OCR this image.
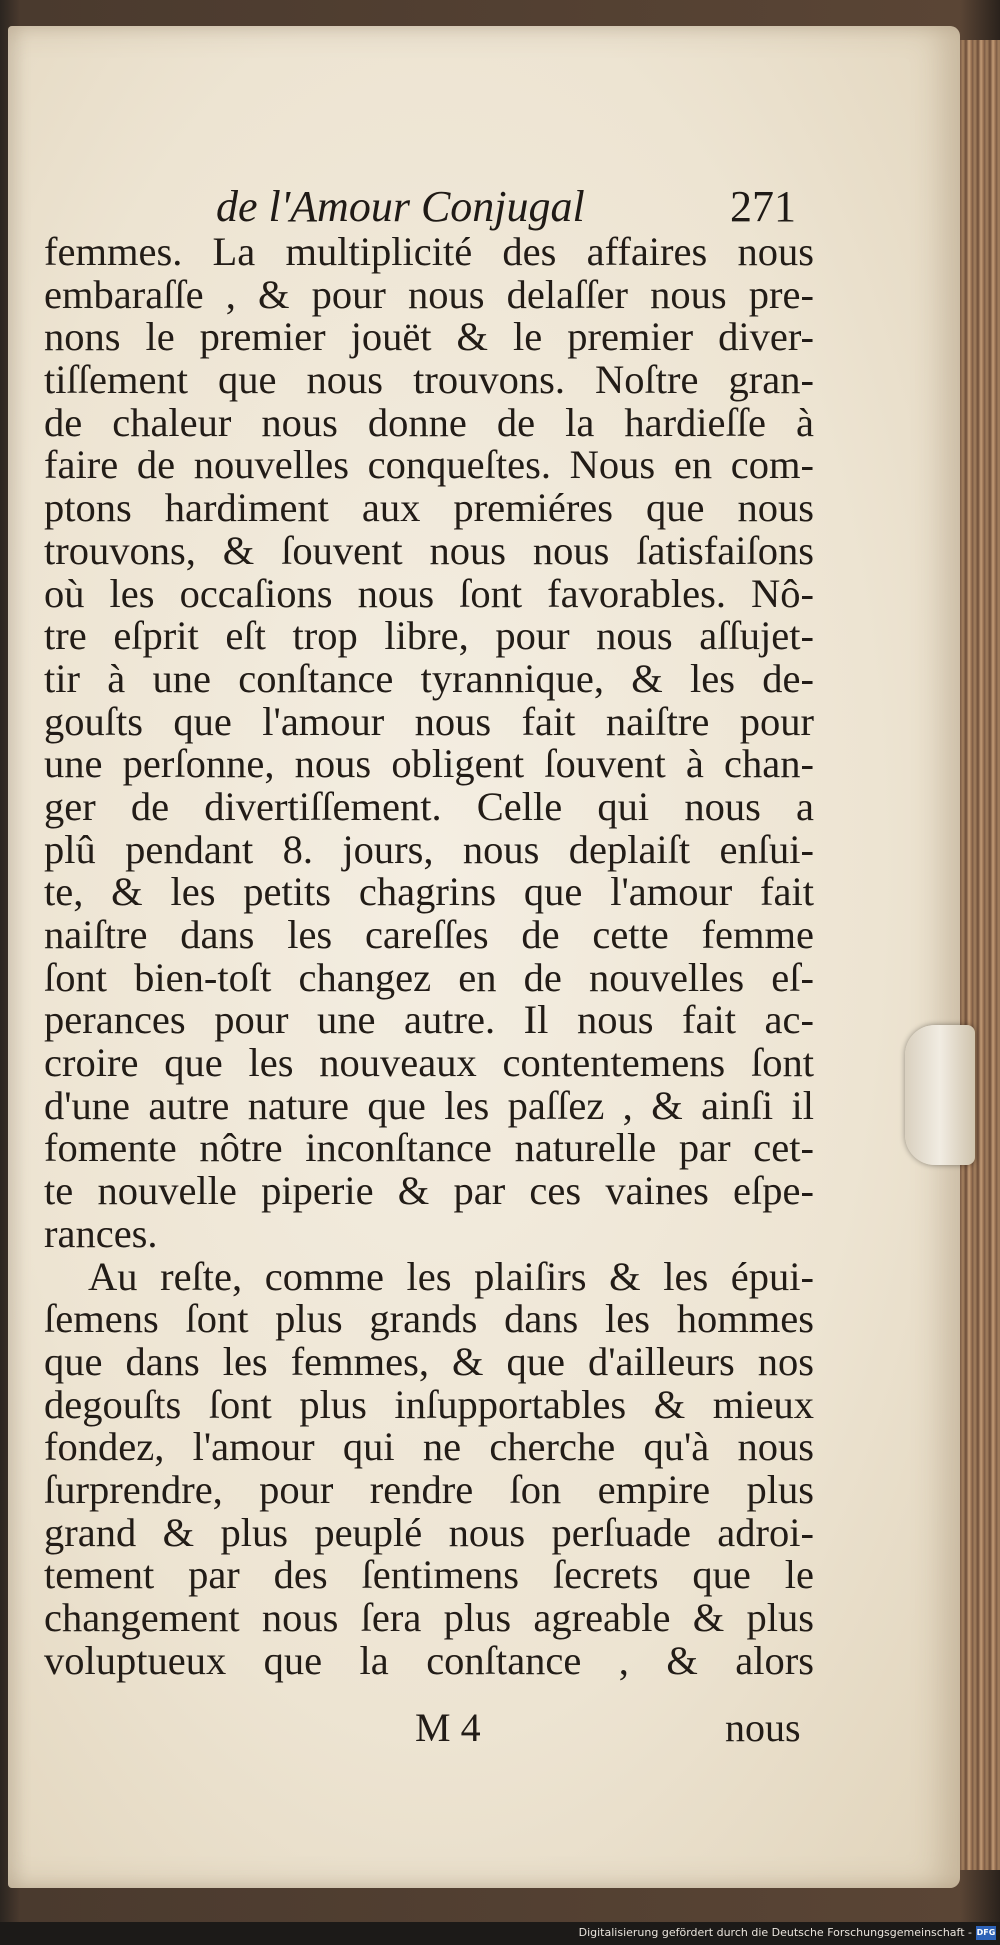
de l'Amour Conjugal	271
femmes. La multiplicité des affaires nous
embaraſſe , & pour nous delaſſer nous pre-
nons le premier jouët & le premier diver-
tiſſement que nous trouvons. Noſtre gran-
de chaleur nous donne de la hardieſſe à
faire de nouvelles conqueſtes. Nous en com-
ptons hardiment aux premiéres que nous
trouvons, & ſouvent nous nous ſatisfaiſons
où les occaſions nous ſont favorables. Nô-
tre eſprit eſt trop libre, pour nous aſſujet-
tir à une conſtance tyrannique, & les de-
gouſts que l'amour nous fait naiſtre pour
une perſonne, nous obligent ſouvent à chan-
ger de divertiſſement. Celle qui nous a
plû pendant 8. jours, nous deplaiſt enſui-
te, & les petits chagrins que l'amour fait
naiſtre dans les careſſes de cette femme
ſont bien-toſt changez en de nouvelles eſ-
perances pour une autre. Il nous fait ac-
croire que les nouveaux contentemens ſont
d'une autre nature que les paſſez , & ainſi il
fomente nôtre inconſtance naturelle par cet-
te nouvelle piperie & par ces vaines eſpe-
rances.
Au reſte, comme les plaiſirs & les épui-
ſemens ſont plus grands dans les hommes
que dans les femmes, & que d'ailleurs nos
degouſts ſont plus inſupportables & mieux
fondez, l'amour qui ne cherche qu'à nous
ſurprendre, pour rendre ſon empire plus
grand & plus peuplé nous perſuade adroi-
tement par des ſentimens ſecrets que le
changement nous ſera plus agreable & plus
voluptueux que la conſtance , & alors
M 4	nous
Digitalisierung gefördert durch die Deutsche Forschungsgemeinschaft - DFG
